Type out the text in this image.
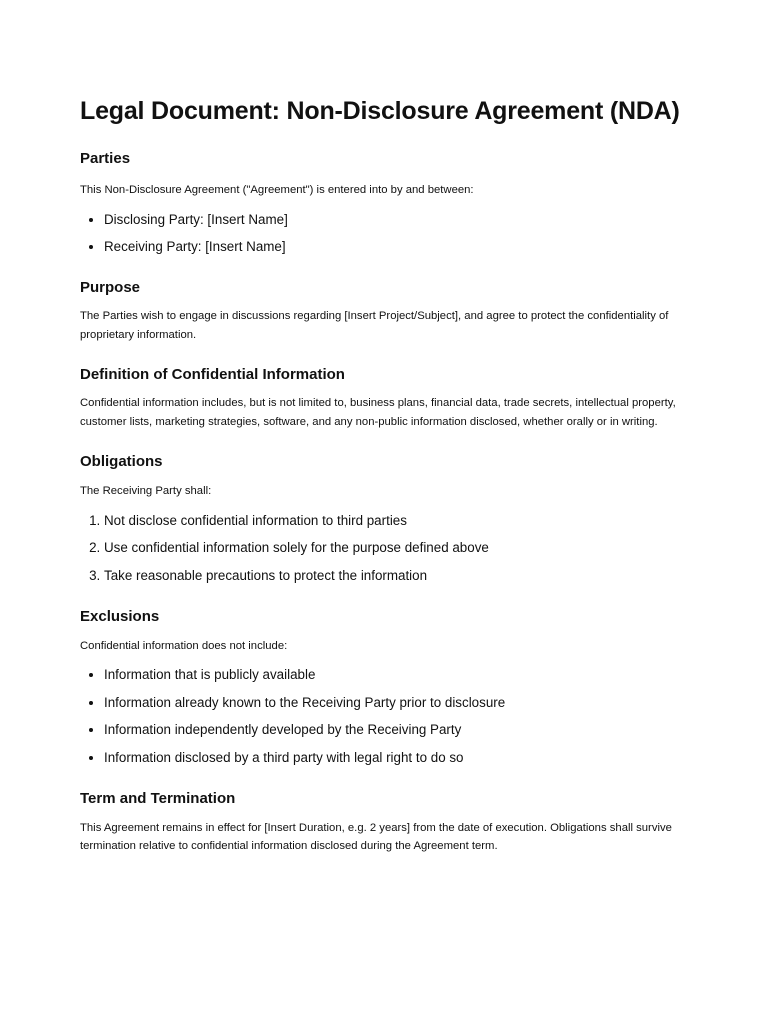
Legal Document: Non-Disclosure Agreement (NDA)
Parties

This Non-Disclosure Agreement ("Agreement") is entered into by and between:

• Disclosing Party: [Insert Name]
• Receiving Party: [Insert Name]
Purpose

The Parties wish to engage in discussions regarding [Insert Project/Subject], and agree to protect the confidentiality of proprietary information.

Definition of Confidential Information

Confidential information includes, but is not limited to, business plans, financial data, trade secrets, intellectual property, customer lists, marketing strategies, software, and any non-public information disclosed, whether orally or in writing.

Obligations

The Receiving Party shall:

1. Not disclose confidential information to third parties
2. Use confidential information solely for the purpose defined above
3. Take reasonable precautions to protect the information
Exclusions

Confidential information does not include:

• Information that is publicly available
• Information already known to the Receiving Party prior to disclosure
• Information independently developed by the Receiving Party
• Information disclosed by a third party with legal right to do so
Term and Termination

This Agreement remains in effect for [Insert Duration, e.g. 2 years] from the date of execution. Obligations shall survive termination relative to confidential information disclosed during the Agreement term.
